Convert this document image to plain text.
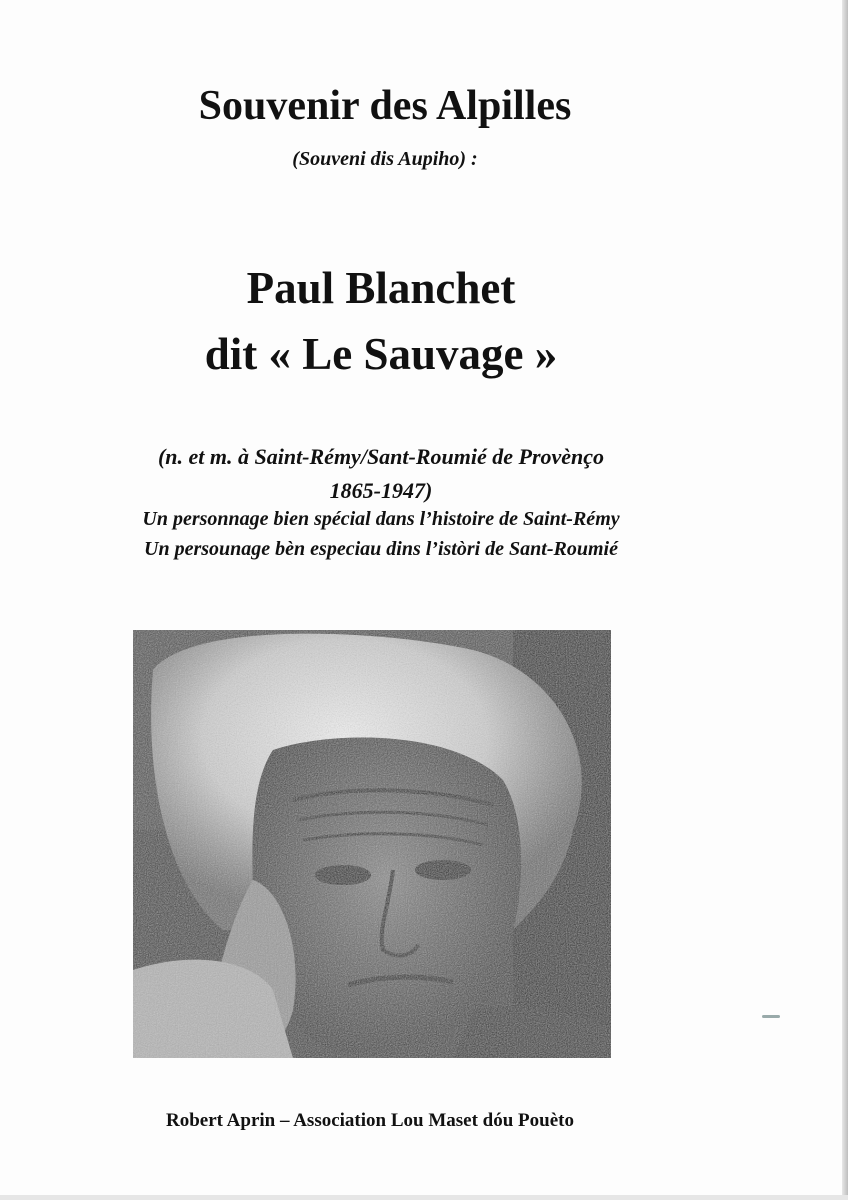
Souvenir des Alpilles
(Souveni dis Aupiho) :
Paul Blanchet
dit « Le Sauvage »
(n. et m. à Saint-Rémy/Sant-Roumié de Provènço
1865-1947)
Un personnage bien spécial dans l’histoire de Saint-Rémy
Un persounage bèn especiau dins l’istòri de Sant-Roumié
Robert Aprin – Association Lou Maset dóu Pouèto
